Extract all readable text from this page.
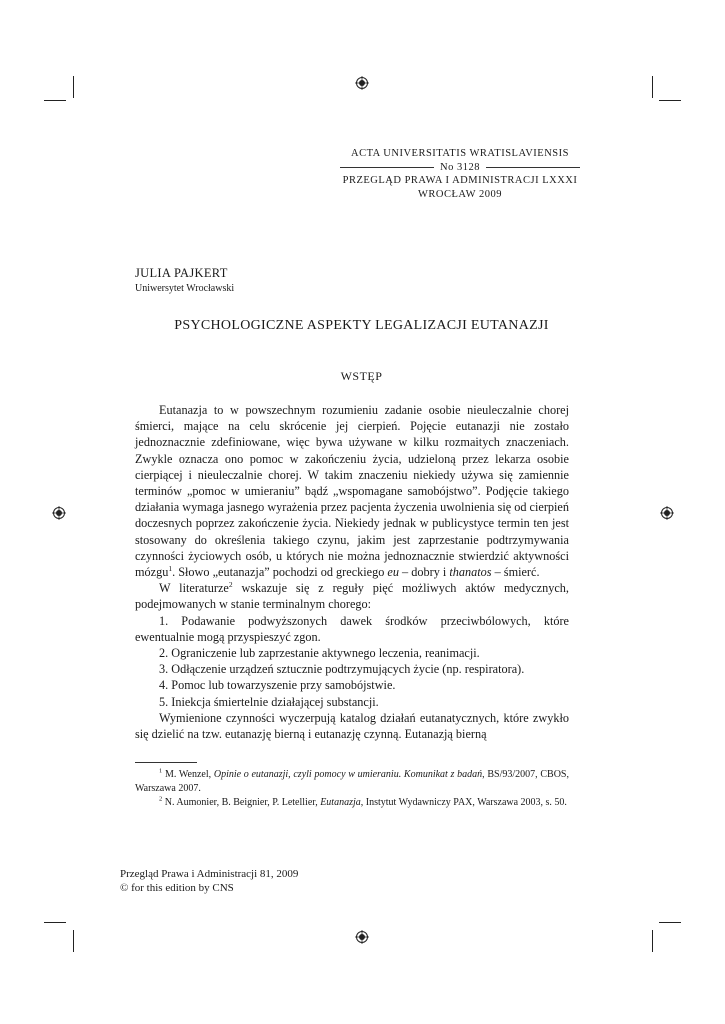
ACTA UNIVERSITATIS WRATISLAVIENSIS
No 3128
PRZEGLĄD PRAWA I ADMINISTRACJI LXXXI
WROCŁAW 2009
JULIA PAJKERT
Uniwersytet Wrocławski
PSYCHOLOGICZNE ASPEKTY LEGALIZACJI EUTANAZJI
WSTĘP

Eutanazja to w powszechnym rozumieniu zadanie osobie nieuleczalnie chorej śmierci, mające na celu skrócenie jej cierpień. Pojęcie eutanazji nie zostało jednoznacznie zdefiniowane, więc bywa używane w kilku rozmaitych znaczeniach. Zwykle oznacza ono pomoc w zakończeniu życia, udzieloną przez lekarza osobie cierpiącej i nieuleczalnie chorej. W takim znaczeniu niekiedy używa się zamiennie terminów „pomoc w umieraniu” bądź „wspomagane samobójstwo”. Podjęcie takiego działania wymaga jasnego wyrażenia przez pacjenta życzenia uwolnienia się od cierpień doczesnych poprzez zakończenie życia. Niekiedy jednak w publicystyce termin ten jest stosowany do określenia takiego czynu, jakim jest zaprzestanie podtrzymywania czynności życiowych osób, u których nie można jednoznacznie stwierdzić aktywności mózgu$^1$. Słowo „eutanazja” pochodzi od greckiego eu – dobry i thanatos – śmierć.

W literaturze$^2$ wskazuje się z reguły pięć możliwych aktów medycznych, podejmowanych w stanie terminalnym chorego:

1. Podawanie podwyższonych dawek środków przeciwbólowych, które ewentualnie mogą przyspieszyć zgon.

2. Ograniczenie lub zaprzestanie aktywnego leczenia, reanimacji.

3. Odłączenie urządzeń sztucznie podtrzymujących życie (np. respiratora).

4. Pomoc lub towarzyszenie przy samobójstwie.

5. Iniekcja śmiertelnie działającej substancji.

Wymienione czynności wyczerpują katalog działań eutanatycznych, które zwykło się dzielić na tzw. eutanazję bierną i eutanazję czynną. Eutanazją bierną

$^1$ M. Wenzel, Opinie o eutanazji, czyli pomocy w umieraniu. Komunikat z badań, BS/93/2007, CBOS, Warszawa 2007.

$^2$ N. Aumonier, B. Beignier, P. Letellier, Eutanazja, Instytut Wydawniczy PAX, Warszawa 2003, s. 50.

Przegląd Prawa i Administracji 81, 2009
© for this edition by CNS
